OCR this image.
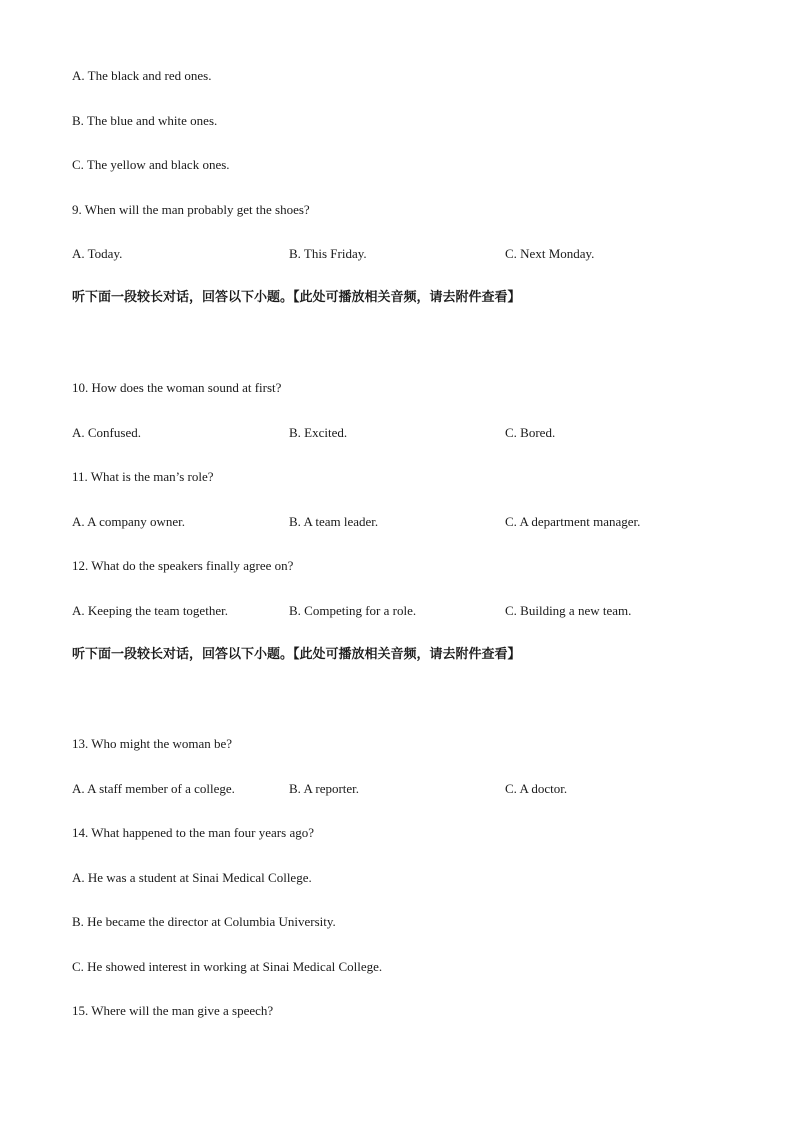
A. The black and red ones.
B. The blue and white ones.
C. The yellow and black ones.
9. When will the man probably get the shoes?
A. Today.	B. This Friday.	C. Next Monday.
听下面一段较长对话，回答以下小题。【此处可播放相关音频，请去附件查看】
10. How does the woman sound at first?
A. Confused.	B. Excited.	C. Bored.
11. What is the man’s role?
A. A company owner.	B. A team leader.	C. A department manager.
12. What do the speakers finally agree on?
A. Keeping the team together.	B. Competing for a role.	C. Building a new team.
听下面一段较长对话，回答以下小题。【此处可播放相关音频，请去附件查看】
13. Who might the woman be?
A. A staff member of a college.	B. A reporter.	C. A doctor.
14. What happened to the man four years ago?
A. He was a student at Sinai Medical College.
B. He became the director at Columbia University.
C. He showed interest in working at Sinai Medical College.
15. Where will the man give a speech?
